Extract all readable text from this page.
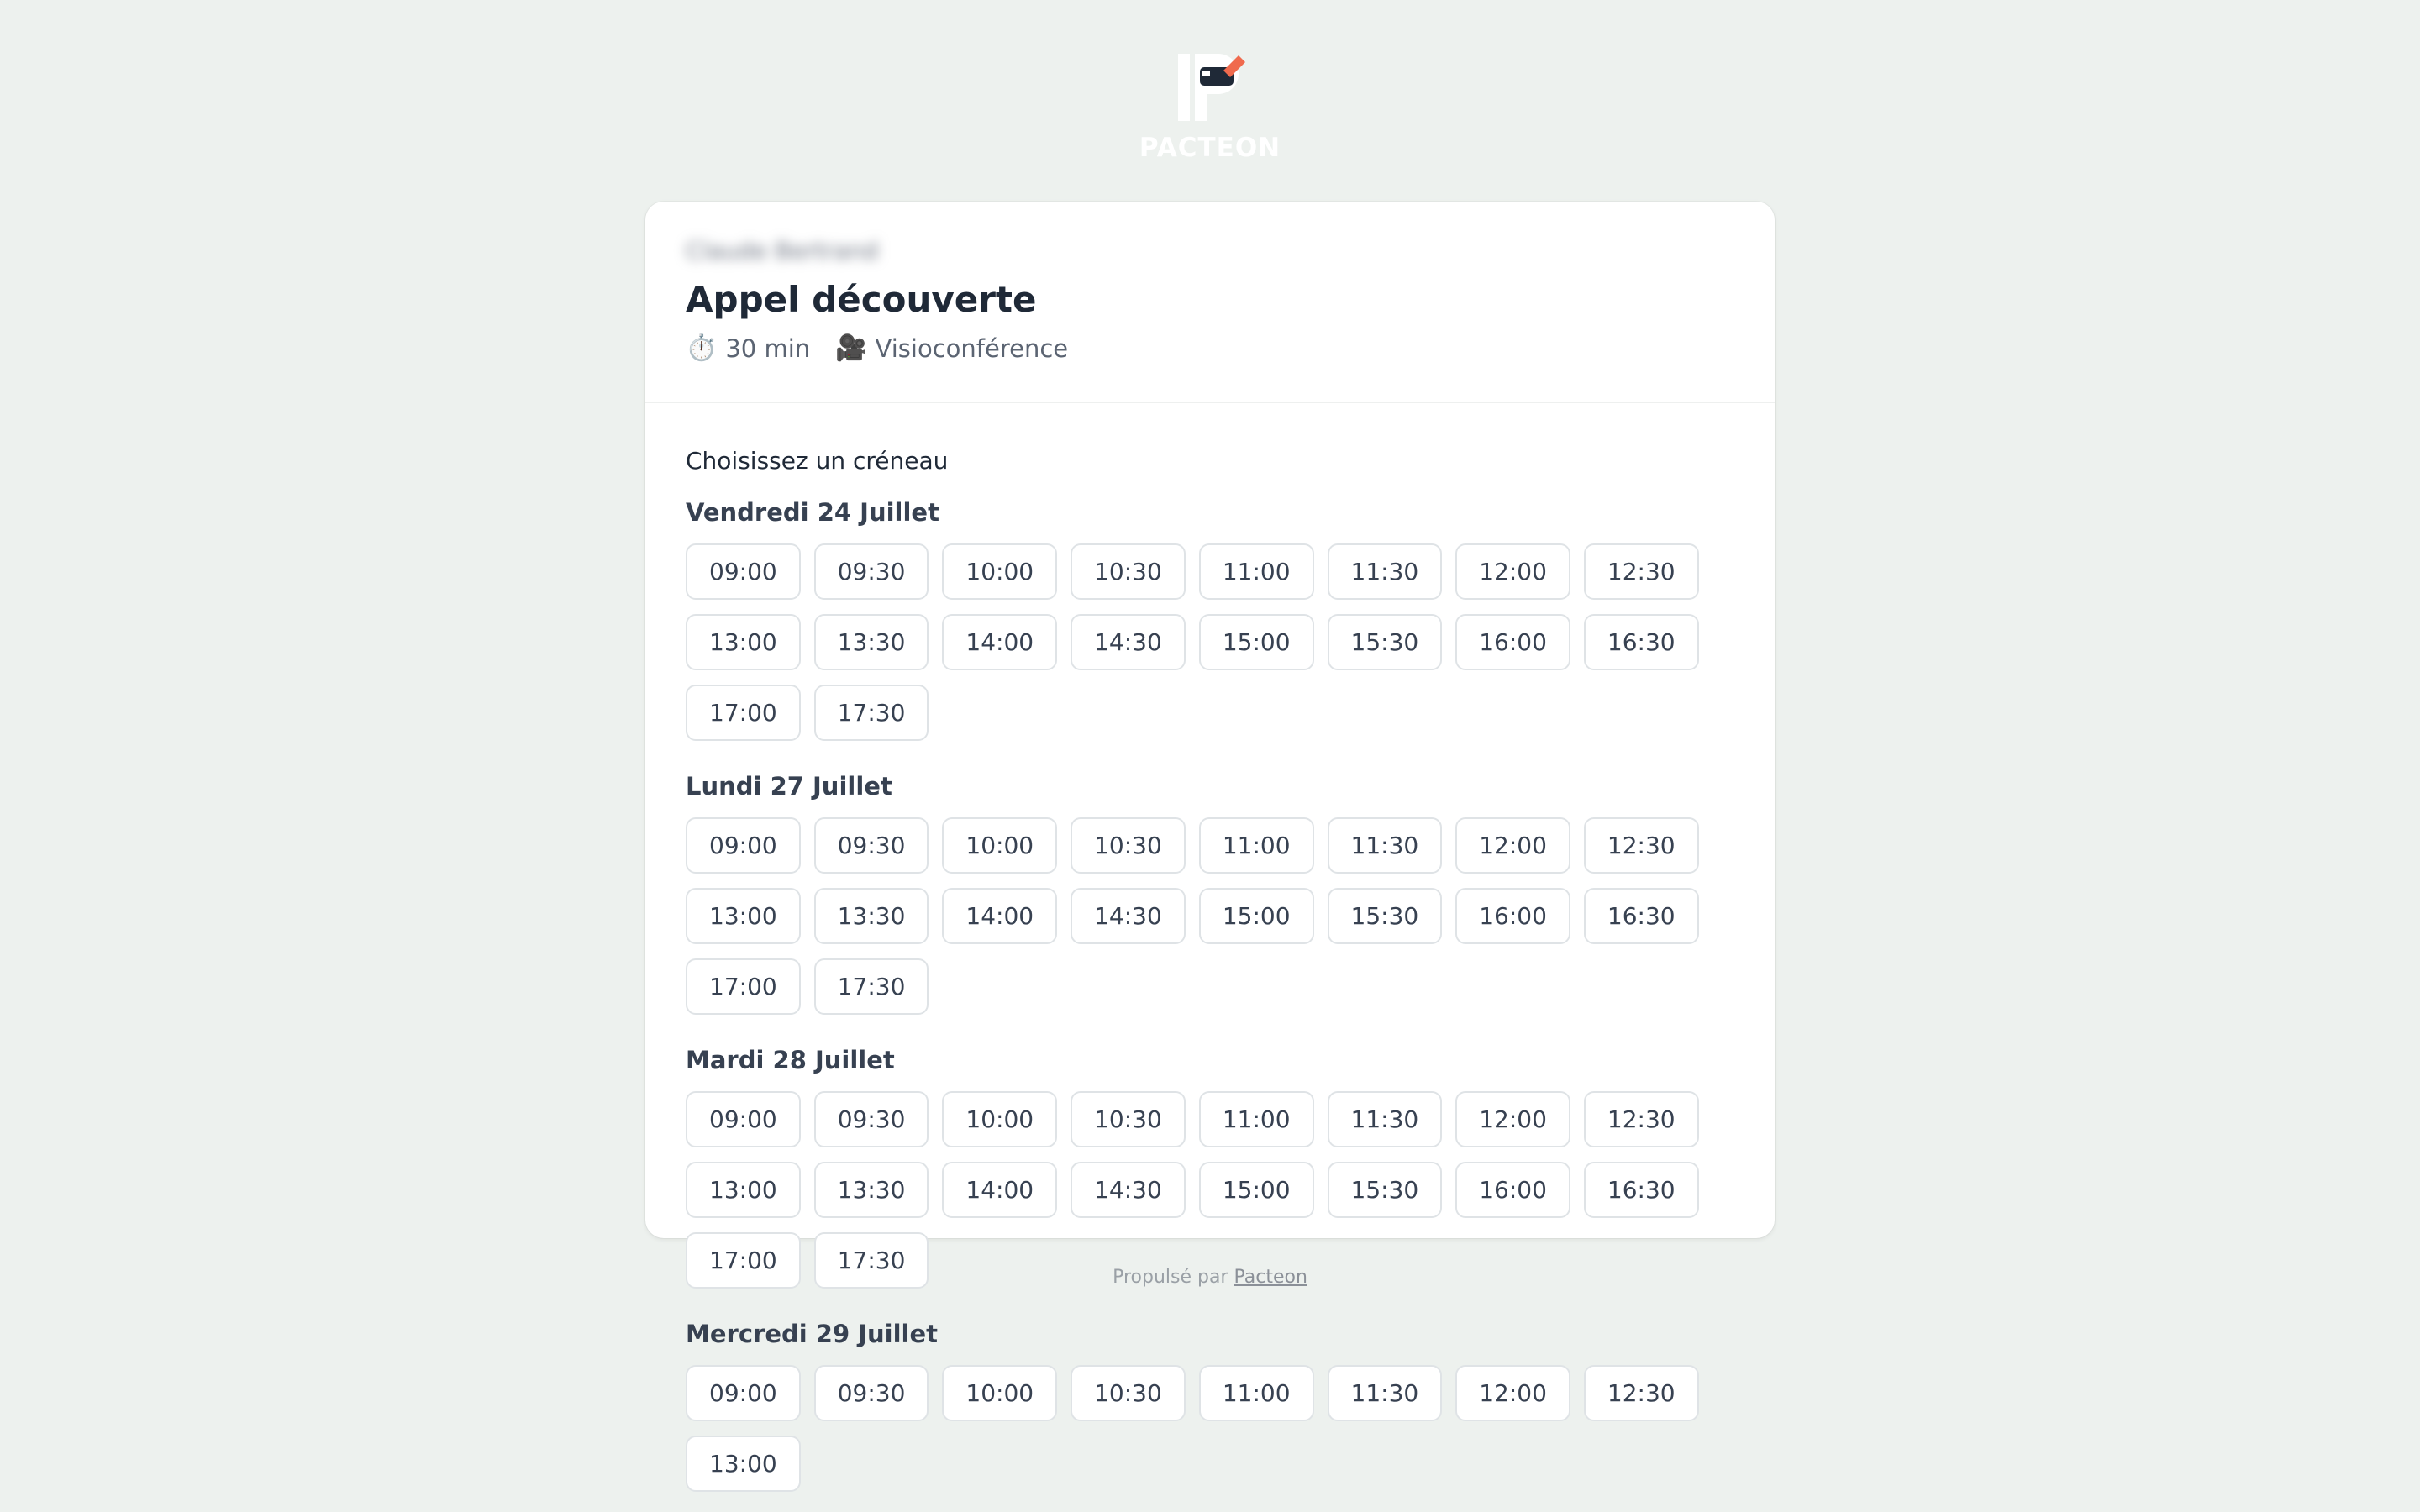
PACTEON
Claude Bertrand
Appel découverte
⏱️ 30 min 🎥 Visioconférence
Choisissez un créneau
Vendredi 24 Juillet
09:00	09:30	10:00	10:30	11:00	11:30	12:00	12:30
13:00	13:30	14:00	14:30	15:00	15:30	16:00	16:30
17:00	17:30
Lundi 27 Juillet
09:00	09:30	10:00	10:30	11:00	11:30	12:00	12:30
13:00	13:30	14:00	14:30	15:00	15:30	16:00	16:30
17:00	17:30
Mardi 28 Juillet
09:00	09:30	10:00	10:30	11:00	11:30	12:00	12:30
13:00	13:30	14:00	14:30	15:00	15:30	16:00	16:30
17:00	17:30
Mercredi 29 Juillet
09:00	09:30	10:00	10:30	11:00	11:30	12:00	12:30
13:00
Propulsé par Pacteon
